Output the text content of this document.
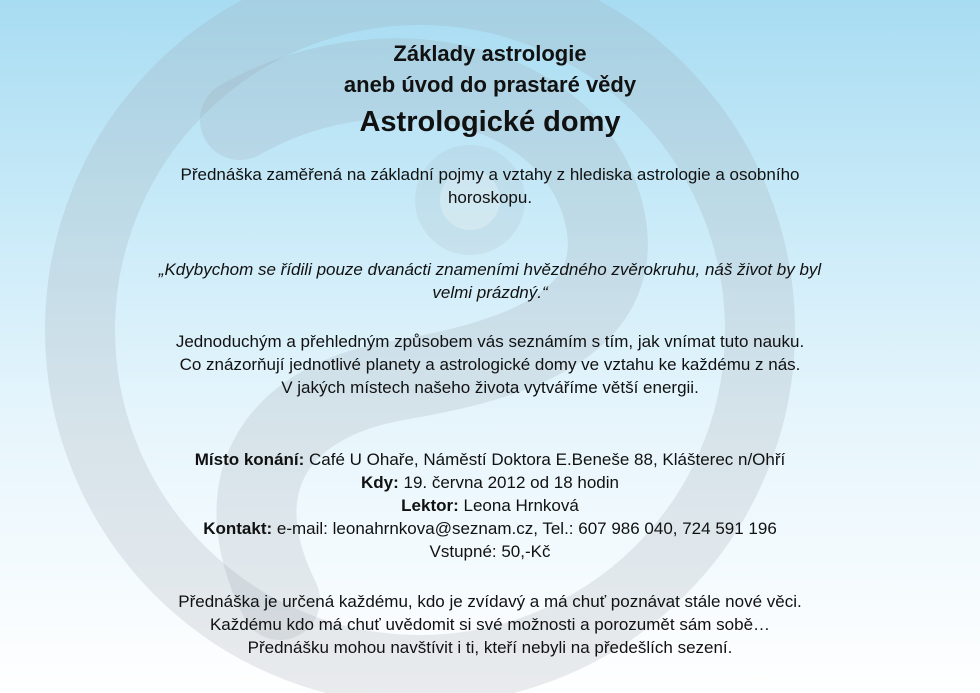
Základy astrologie
aneb úvod do prastaré vědy
Astrologické domy
Přednáška zaměřená na základní pojmy a vztahy z hlediska astrologie a osobního
horoskopu.
„Kdybychom se řídili pouze dvanácti znameními hvězdného zvěrokruhu, náš život by byl
velmi prázdný.“
Jednoduchým a přehledným způsobem vás seznámím s tím, jak vnímat tuto nauku.
Co znázorňují jednotlivé planety a astrologické domy ve vztahu ke každému z nás.
V jakých místech našeho života vytváříme větší energii.
Místo konání: Café U Ohaře, Náměstí Doktora E.Beneše 88, Klášterec n/Ohří
Kdy: 19. června 2012 od 18 hodin
Lektor: Leona Hrnková
Kontakt: e-mail: leonahrnkova@seznam.cz, Tel.: 607 986 040, 724 591 196
Vstupné: 50,-Kč
Přednáška je určená každému, kdo je zvídavý a má chuť poznávat stále nové věci.
Každému kdo má chuť uvědomit si své možnosti a porozumět sám sobě…
Přednášku mohou navštívit i ti, kteří nebyli na předešlích sezení.
